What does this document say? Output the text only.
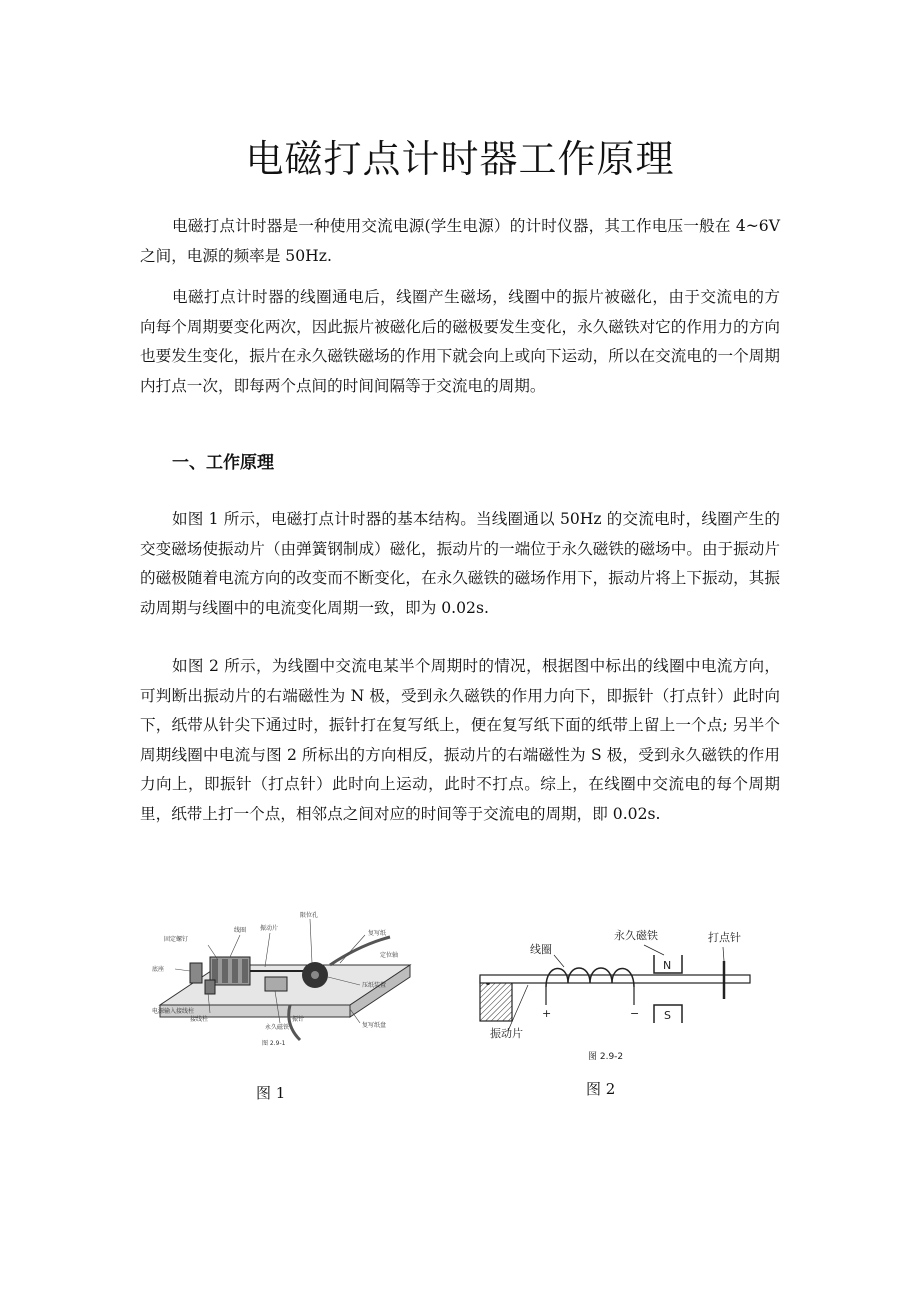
电磁打点计时器工作原理

电磁打点计时器是一种使用交流电源(学生电源）的计时仪器，其工作电压一般在 4~6V 之间，电源的频率是 50Hz.

电磁打点计时器的线圈通电后，线圈产生磁场，线圈中的振片被磁化，由于交流电的方向每个周期要变化两次，因此振片被磁化后的磁极要发生变化，永久磁铁对它的作用力的方向也要发生变化，振片在永久磁铁磁场的作用下就会向上或向下运动，所以在交流电的一个周期内打点一次，即每两个点间的时间间隔等于交流电的周期。

一、工作原理

如图 1 所示，电磁打点计时器的基本结构。当线圈通以 50Hz 的交流电时，线圈产生的交变磁场使振动片（由弹簧钢制成）磁化，振动片的一端位于永久磁铁的磁场中。由于振动片的磁极随着电流方向的改变而不断变化，在永久磁铁的磁场作用下，振动片将上下振动，其振动周期与线圈中的电流变化周期一致，即为 0.02s.

如图 2 所示，为线圈中交流电某半个周期时的情况，根据图中标出的线圈中电流方向，可判断出振动片的右端磁性为 N 极，受到永久磁铁的作用力向下，即振针（打点针）此时向下，纸带从针尖下通过时，振针打在复写纸上，便在复写纸下面的纸带上留上一个点; 另半个周期线圈中电流与图 2 所标出的方向相反，振动片的右端磁性为 S 极，受到永久磁铁的作用力向上，即振针（打点针）此时向上运动，此时不打点。综上，在线圈中交流电的每个周期里，纸带上打一个点，相邻点之间对应的时间等于交流电的周期，即 0.02s.

固定螺钉
线圈 振动片
限位孔
复写纸
压纸装置
底座
接线柱
永久磁铁
振针
电源输入接线柱
定位轴
复写纸盘
图 2.9-1
图 1
线圈
永久磁铁	打点针
振动片
N
S
+	−
图 2.9-2
图 2
